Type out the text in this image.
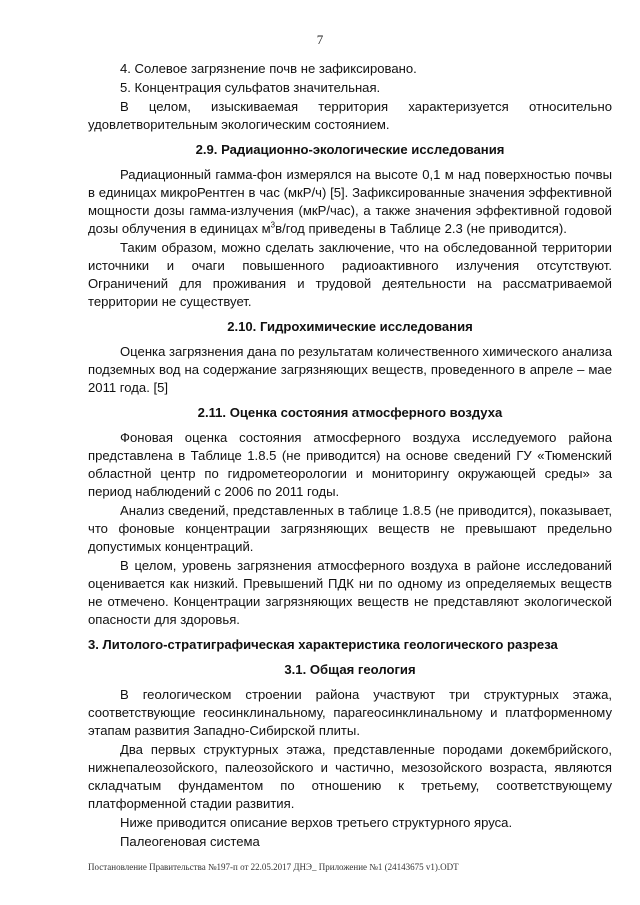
7

4. Солевое загрязнение почв не зафиксировано.

5. Концентрация сульфатов значительная.

В целом, изыскиваемая территория характеризуется относительно удовлетворительным экологическим состоянием.

2.9. Радиационно-экологические исследования

Радиационный гамма-фон измерялся на высоте 0,1 м над поверхностью почвы в единицах микроРентген в час (мкР/ч) [5]. Зафиксированные значения эффективной мощности дозы гамма-излучения (мкР/час), а также значения эффективной годовой дозы облучения в единицах $м^3в$/год приведены в Таблице 2.3 (не приводится).

Таким образом, можно сделать заключение, что на обследованной территории источники и очаги повышенного радиоактивного излучения отсутствуют. Ограничений для проживания и трудовой деятельности на рассматриваемой территории не существует.

2.10. Гидрохимические исследования

Оценка загрязнения дана по результатам количественного химического анализа подземных вод на содержание загрязняющих веществ, проведенного в апреле – мае 2011 года. [5]

2.11. Оценка состояния атмосферного воздуха

Фоновая оценка состояния атмосферного воздуха исследуемого района представлена в Таблице 1.8.5 (не приводится) на основе сведений ГУ «Тюменский областной центр по гидрометеорологии и мониторингу окружающей среды» за период наблюдений с 2006 по 2011 годы.

Анализ сведений, представленных в таблице 1.8.5 (не приводится), показывает, что фоновые концентрации загрязняющих веществ не превышают предельно допустимых концентраций.

В целом, уровень загрязнения атмосферного воздуха в районе исследований оценивается как низкий. Превышений ПДК ни по одному из определяемых веществ не отмечено. Концентрации загрязняющих веществ не представляют экологической опасности для здоровья.

3. Литолого-стратиграфическая характеристика геологического разреза
3.1. Общая геология

В геологическом строении района участвуют три структурных этажа, соответствующие геосинклинальному, парагеосинклинальному и платформенному этапам развития Западно-Сибирской плиты.

Два первых структурных этажа, представленные породами докембрийского, нижнепалеозойского, палеозойского и частично, мезозойского возраста, являются складчатым фундаментом по отношению к третьему, соответствующему платформенной стадии развития.

Ниже приводится описание верхов третьего структурного яруса.

Палеогеновая система

Постановление Правительства №197-п от 22.05.2017 ДНЭ_ Приложение №1 (24143675 v1).ODT
